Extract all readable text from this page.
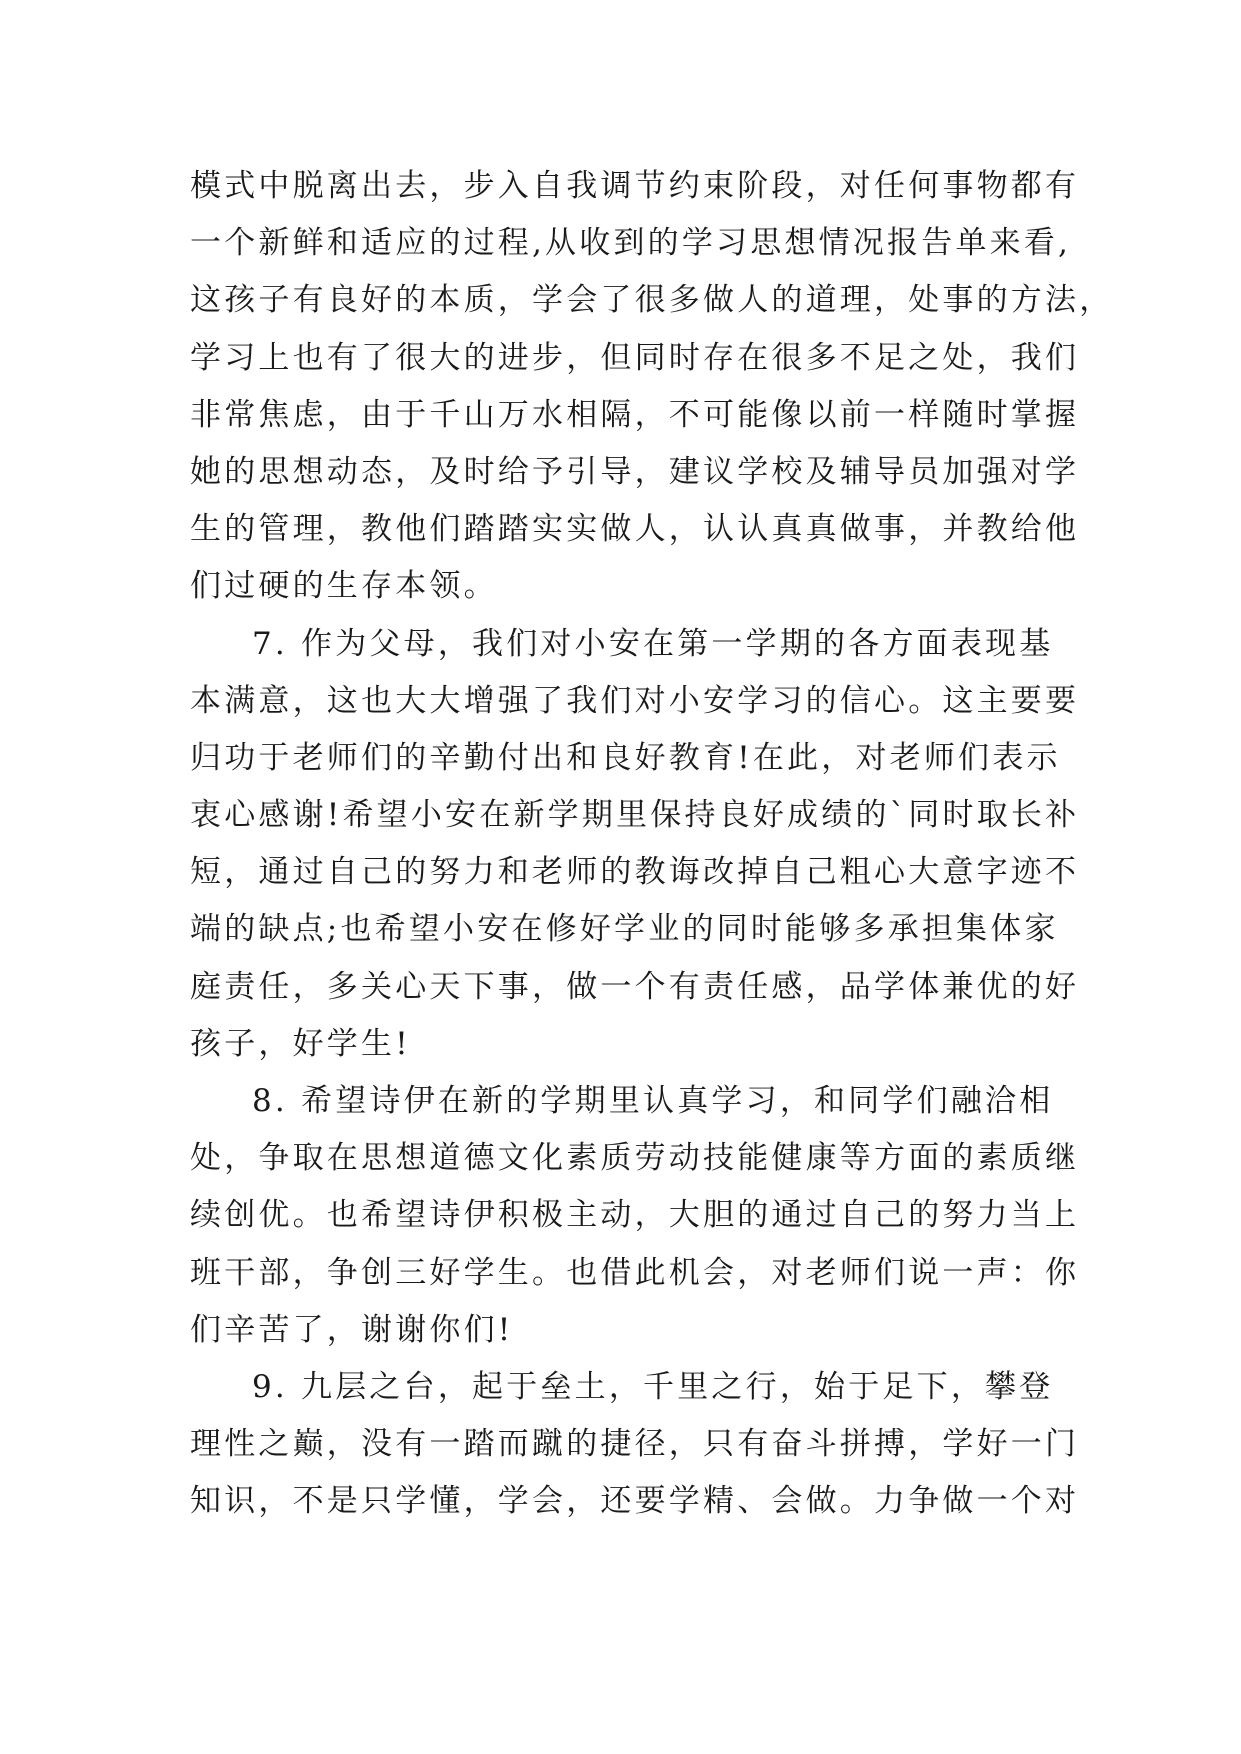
模式中脱离出去，步入自我调节约束阶段，对任何事物都有
一个新鲜和适应的过程,从收到的学习思想情况报告单来看,
这孩子有良好的本质，学会了很多做人的道理，处事的方法，
学习上也有了很大的进步，但同时存在很多不足之处，我们
非常焦虑，由于千山万水相隔，不可能像以前一样随时掌握
她的思想动态，及时给予引导，建议学校及辅导员加强对学
生的管理，教他们踏踏实实做人，认认真真做事，并教给他
们过硬的生存本领。
7. 作为父母，我们对小安在第一学期的各方面表现基
本满意，这也大大增强了我们对小安学习的信心。这主要要
归功于老师们的辛勤付出和良好教育!在此，对老师们表示
衷心感谢!希望小安在新学期里保持良好成绩的`同时取长补
短，通过自己的努力和老师的教诲改掉自己粗心大意字迹不
端的缺点;也希望小安在修好学业的同时能够多承担集体家
庭责任，多关心天下事，做一个有责任感，品学体兼优的好
孩子，好学生!
8. 希望诗伊在新的学期里认真学习，和同学们融洽相
处，争取在思想道德文化素质劳动技能健康等方面的素质继
续创优。也希望诗伊积极主动，大胆的通过自己的努力当上
班干部，争创三好学生。也借此机会，对老师们说一声：你
们辛苦了，谢谢你们!
9. 九层之台，起于垒土，千里之行，始于足下，攀登
理性之巅，没有一踏而蹴的捷径，只有奋斗拼搏，学好一门
知识，不是只学懂，学会，还要学精、会做。力争做一个对
